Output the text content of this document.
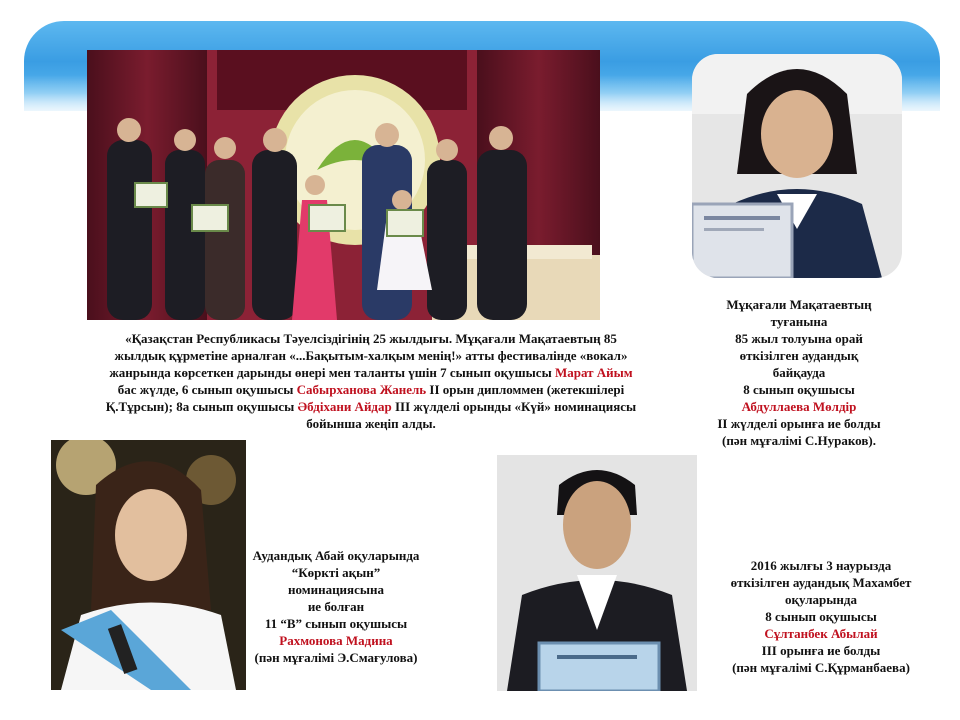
«Қазақстан Республикасы Тәуелсіздігінің 25 жылдығы. Мұқағали Мақатаевтың 85
жылдық құрметіне арналған «...Бақытым-халқым менің!» атты фестивалінде «вокал»
жанрында көрсеткен дарынды өнері мен таланты үшін 7 сынып оқушысы Марат Айым
бас жүлде, 6 сынып оқушысы Сабырханова Жанель II орын дипломмен (жетекшілері
Қ.Тұрсын); 8а сынып оқушысы Әбдіхани Айдар III жүлделі орынды «Күй» номинациясы
бойынша жеңіп алды.
Мұқағали Мақатаевтың
туғанына
85 жыл толуына орай
өткізілген аудандық
байқауда
8 сынып оқушысы
Абдуллаева Мөлдір
II жүлделі орынға ие болды
(пән мұғалімі С.Нураков).
Аудандық Абай оқуларында
“Көркті ақын”
номинациясына
ие болған
11 “В” сынып оқушысы
Рахмонова Мадина
(пән мұғалімі Э.Смағулова)
2016 жылғы 3 наурызда
өткізілген аудандық Махамбет
оқуларында
8 сынып оқушысы
Сұлтанбек Абылай
III орынға ие болды
(пән мұғалімі С.Құрманбаева)
